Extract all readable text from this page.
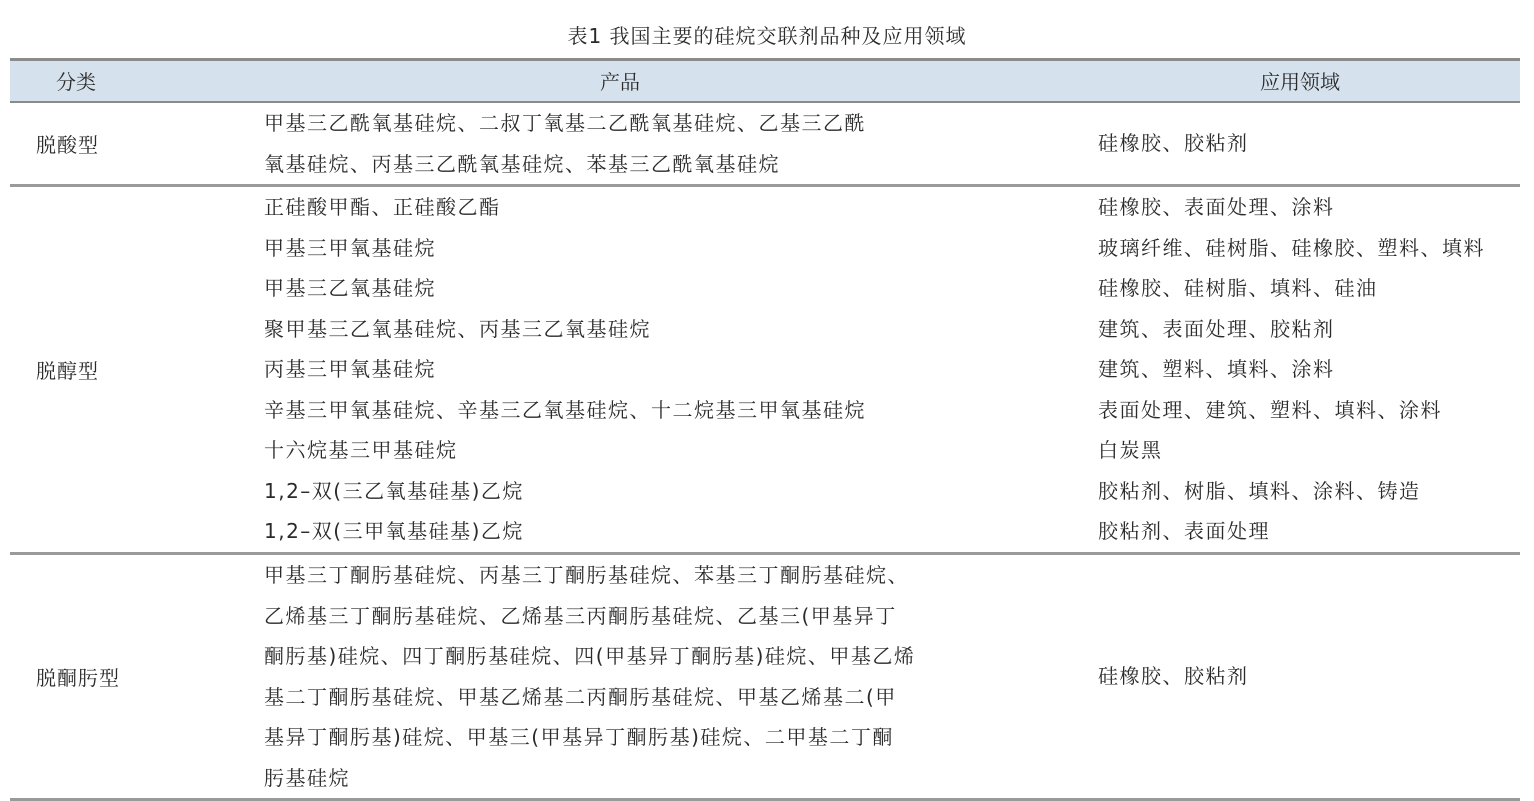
表1 我国主要的硅烷交联剂品种及应用领域
分类	产品	应用领域
脱酸型
甲基三乙酰氧基硅烷、二叔丁氧基二乙酰氧基硅烷、乙基三乙酰
氧基硅烷、丙基三乙酰氧基硅烷、苯基三乙酰氧基硅烷
硅橡胶、胶粘剂
脱醇型
正硅酸甲酯、正硅酸乙酯
甲基三甲氧基硅烷
甲基三乙氧基硅烷
聚甲基三乙氧基硅烷、丙基三乙氧基硅烷
丙基三甲氧基硅烷
辛基三甲氧基硅烷、辛基三乙氧基硅烷、十二烷基三甲氧基硅烷
十六烷基三甲基硅烷
1,2–双(三乙氧基硅基)乙烷
1,2–双(三甲氧基硅基)乙烷
硅橡胶、表面处理、涂料
玻璃纤维、硅树脂、硅橡胶、塑料、填料
硅橡胶、硅树脂、填料、硅油
建筑、表面处理、胶粘剂
建筑、塑料、填料、涂料
表面处理、建筑、塑料、填料、涂料
白炭黑
胶粘剂、树脂、填料、涂料、铸造
胶粘剂、表面处理
脱酮肟型
甲基三丁酮肟基硅烷、丙基三丁酮肟基硅烷、苯基三丁酮肟基硅烷、
乙烯基三丁酮肟基硅烷、乙烯基三丙酮肟基硅烷、乙基三(甲基异丁
酮肟基)硅烷、四丁酮肟基硅烷、四(甲基异丁酮肟基)硅烷、甲基乙烯
基二丁酮肟基硅烷、甲基乙烯基二丙酮肟基硅烷、甲基乙烯基二(甲
基异丁酮肟基)硅烷、甲基三(甲基异丁酮肟基)硅烷、二甲基二丁酮
肟基硅烷
硅橡胶、胶粘剂
